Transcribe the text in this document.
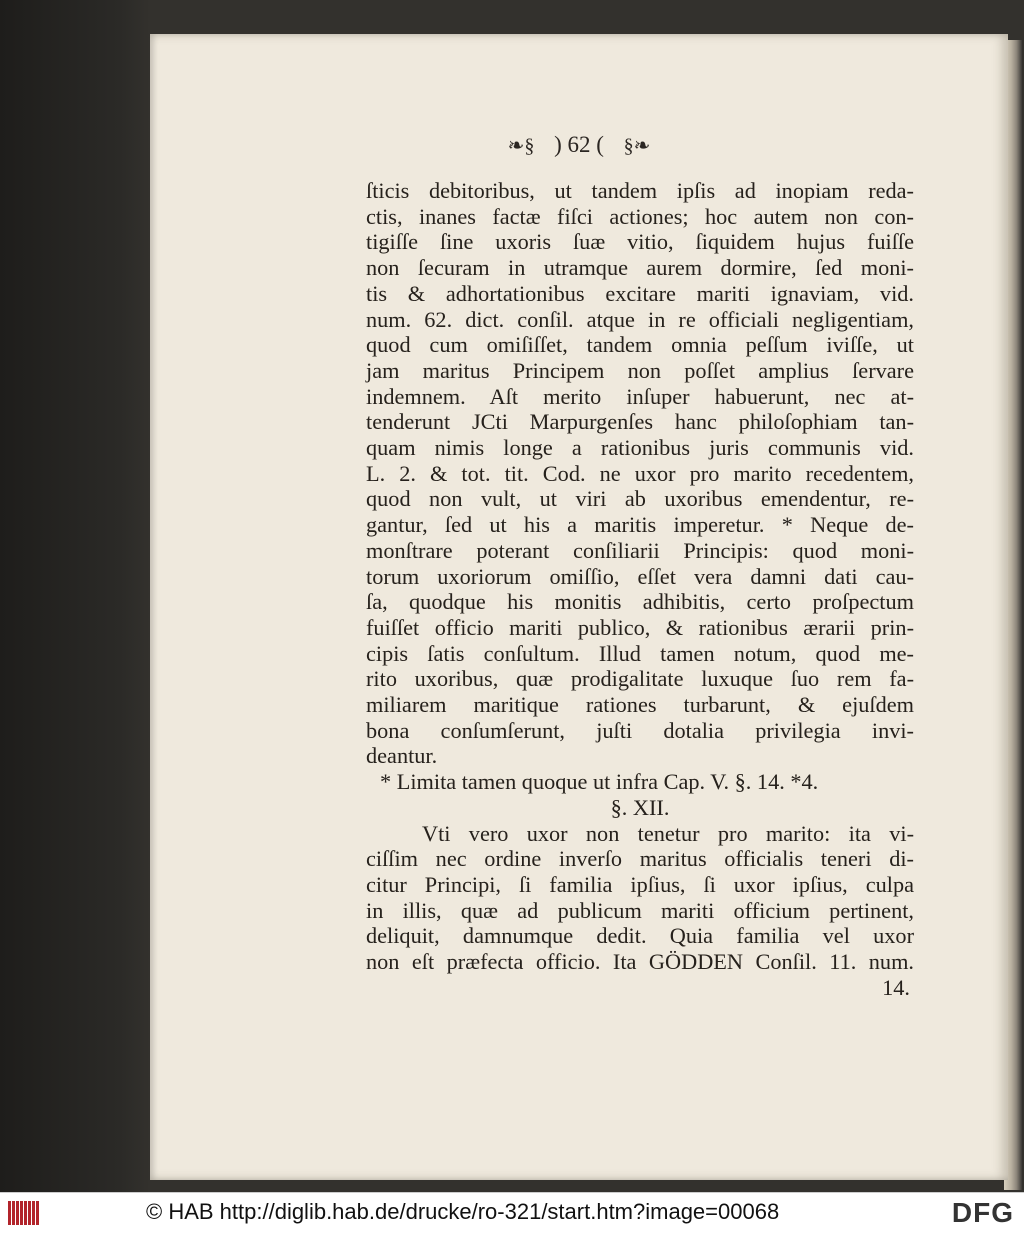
❧§ ) 62 ( §❧
ſticis debitoribus, ut tandem ipſis ad inopiam reda-
ctis, inanes factæ fiſci actiones; hoc autem non con-
tigiſſe ſine uxoris ſuæ vitio, ſiquidem hujus fuiſſe
non ſecuram in utramque aurem dormire, ſed moni-
tis & adhortationibus excitare mariti ignaviam, vid.
num. 62. dict. conſil. atque in re officiali negligentiam,
quod cum omiſiſſet, tandem omnia peſſum iviſſe, ut
jam maritus Principem non poſſet amplius ſervare
indemnem. Aſt merito inſuper habuerunt, nec at-
tenderunt JCti Marpurgenſes hanc philoſophiam tan-
quam nimis longe a rationibus juris communis vid.
L. 2. & tot. tit. Cod. ne uxor pro marito recedentem,
quod non vult, ut viri ab uxoribus emendentur, re-
gantur, ſed ut his a maritis imperetur. * Neque de-
monſtrare poterant conſiliarii Principis: quod moni-
torum uxoriorum omiſſio, eſſet vera damni dati cau-
ſa, quodque his monitis adhibitis, certo proſpectum
fuiſſet officio mariti publico, & rationibus ærarii prin-
cipis ſatis conſultum. Illud tamen notum, quod me-
rito uxoribus, quæ prodigalitate luxuque ſuo rem fa-
miliarem maritique rationes turbarunt, & ejuſdem
bona conſumſerunt, juſti dotalia privilegia invi-
deantur.
* Limita tamen quoque ut infra Cap. V. §. 14. *4.
§. XII.
Vti vero uxor non tenetur pro marito: ita vi-
ciſſim nec ordine inverſo maritus officialis teneri di-
citur Principi, ſi familia ipſius, ſi uxor ipſius, culpa
in illis, quæ ad publicum mariti officium pertinent,
deliquit, damnumque dedit. Quia familia vel uxor
non eſt præfecta officio. Ita GÖDDEN Conſil. 11. num.
14.
© HAB http://diglib.hab.de/drucke/ro-321/start.htm?image=00068	DFG
